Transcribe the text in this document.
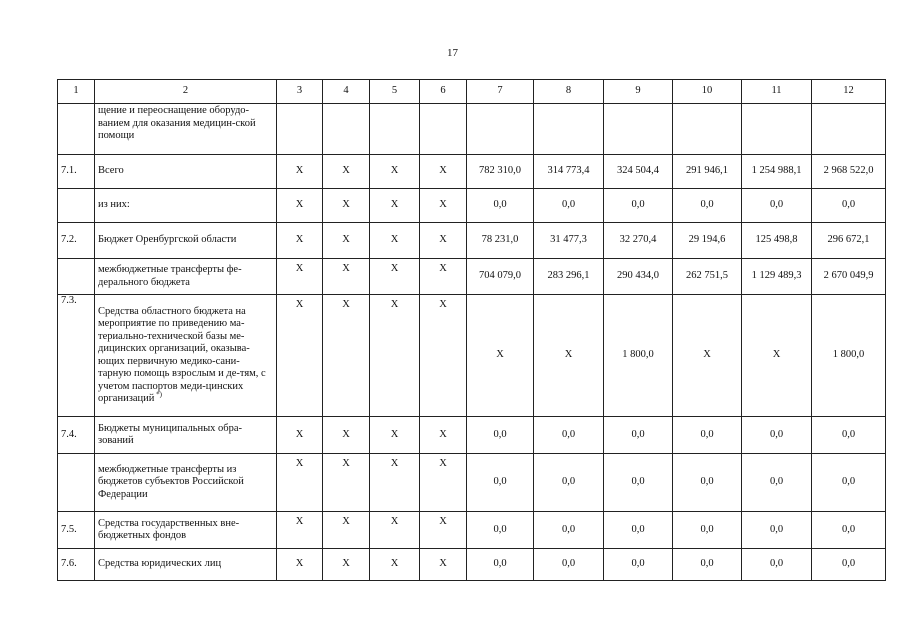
17
1	2	3	4	5	6	7	8	9	10	11	12
	щение и переоснащение оборудо-ванием для оказания медицин-ской помощи										
7.1.	Всего	X	X	X	X	782 310,0	314 773,4	324 504,4	291 946,1	1 254 988,1	2 968 522,0
	из них:	X	X	X	X	0,0	0,0	0,0	0,0	0,0	0,0
7.2.	Бюджет Оренбургской области	X	X	X	X	78 231,0	31 477,3	32 270,4	29 194,6	125 498,8	296 672,1
	межбюджетные трансферты фе-дерального бюджета	X	X	X	X	704 079,0	283 296,1	290 434,0	262 751,5	1 129 489,3	2 670 049,9
7.3.	Средства областного бюджета на мероприятие по приведению ма-териально-технической базы ме-дицинских организаций, оказыва-ющих первичную медико-сани-тарную помощь взрослым и де-тям, с учетом паспортов меди-цинских организаций *)	X	X	X	X	X	X	1 800,0	X	X	1 800,0
7.4.	Бюджеты муниципальных обра-зований	X	X	X	X	0,0	0,0	0,0	0,0	0,0	0,0
	межбюджетные трансферты из бюджетов субъектов Российской Федерации	X	X	X	X	0,0	0,0	0,0	0,0	0,0	0,0
7.5.	Средства государственных вне-бюджетных фондов	X	X	X	X	0,0	0,0	0,0	0,0	0,0	0,0
7.6.	Средства юридических лиц	X	X	X	X	0,0	0,0	0,0	0,0	0,0	0,0
